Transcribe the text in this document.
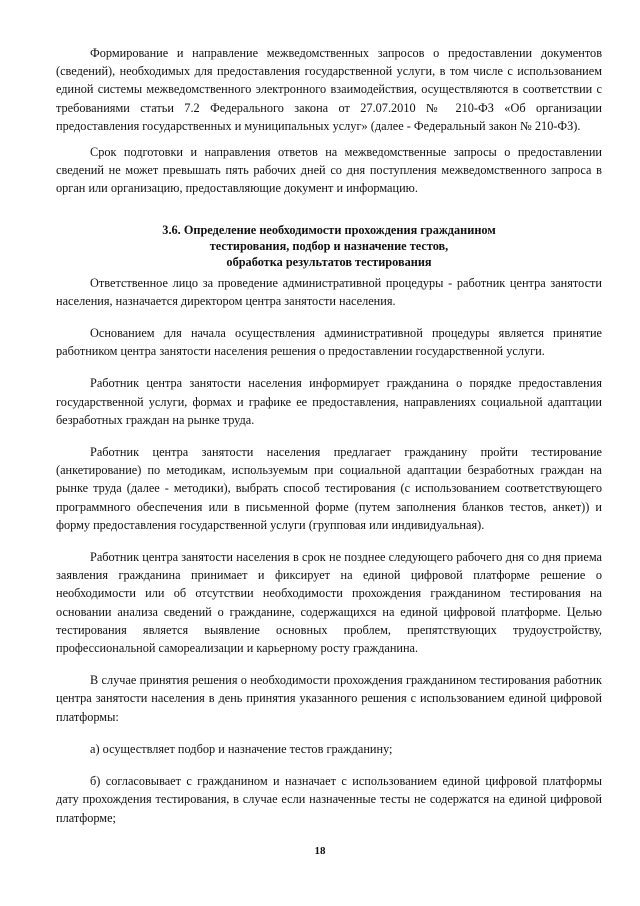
Формирование и направление межведомственных запросов о предоставлении документов (сведений), необходимых для предоставления государственной услуги, в том числе с использованием единой системы межведомственного электронного взаимодействия, осуществляются в соответствии с требованиями статьи 7.2 Федерального закона от 27.07.2010 № 210-ФЗ «Об организации предоставления государственных и муниципальных услуг» (далее - Федеральный закон № 210-ФЗ).

Срок подготовки и направления ответов на межведомственные запросы о предоставлении сведений не может превышать пять рабочих дней со дня поступления межведомственного запроса в орган или организацию, предоставляющие документ и информацию.

3.6. Определение необходимости прохождения гражданином
тестирования, подбор и назначение тестов,
обработка результатов тестирования

Ответственное лицо за проведение административной процедуры - работник центра занятости населения, назначается директором центра занятости населения.

Основанием для начала осуществления административной процедуры является принятие работником центра занятости населения решения о предоставлении государственной услуги.

Работник центра занятости населения информирует гражданина о порядке предоставления государственной услуги, формах и графике ее предоставления, направлениях социальной адаптации безработных граждан на рынке труда.

Работник центра занятости населения предлагает гражданину пройти тестирование (анкетирование) по методикам, используемым при социальной адаптации безработных граждан на рынке труда (далее - методики), выбрать способ тестирования (с использованием соответствующего программного обеспечения или в письменной форме (путем заполнения бланков тестов, анкет)) и форму предоставления государственной услуги (групповая или индивидуальная).

Работник центра занятости населения в срок не позднее следующего рабочего дня со дня приема заявления гражданина принимает и фиксирует на единой цифровой платформе решение о необходимости или об отсутствии необходимости прохождения гражданином тестирования на основании анализа сведений о гражданине, содержащихся на единой цифровой платформе. Целью тестирования является выявление основных проблем, препятствующих трудоустройству, профессиональной самореализации и карьерному росту гражданина.

В случае принятия решения о необходимости прохождения гражданином тестирования работник центра занятости населения в день принятия указанного решения с использованием единой цифровой платформы:

а) осуществляет подбор и назначение тестов гражданину;

б) согласовывает с гражданином и назначает с использованием единой цифровой платформы дату прохождения тестирования, в случае если назначенные тесты не содержатся на единой цифровой платформе;

18
